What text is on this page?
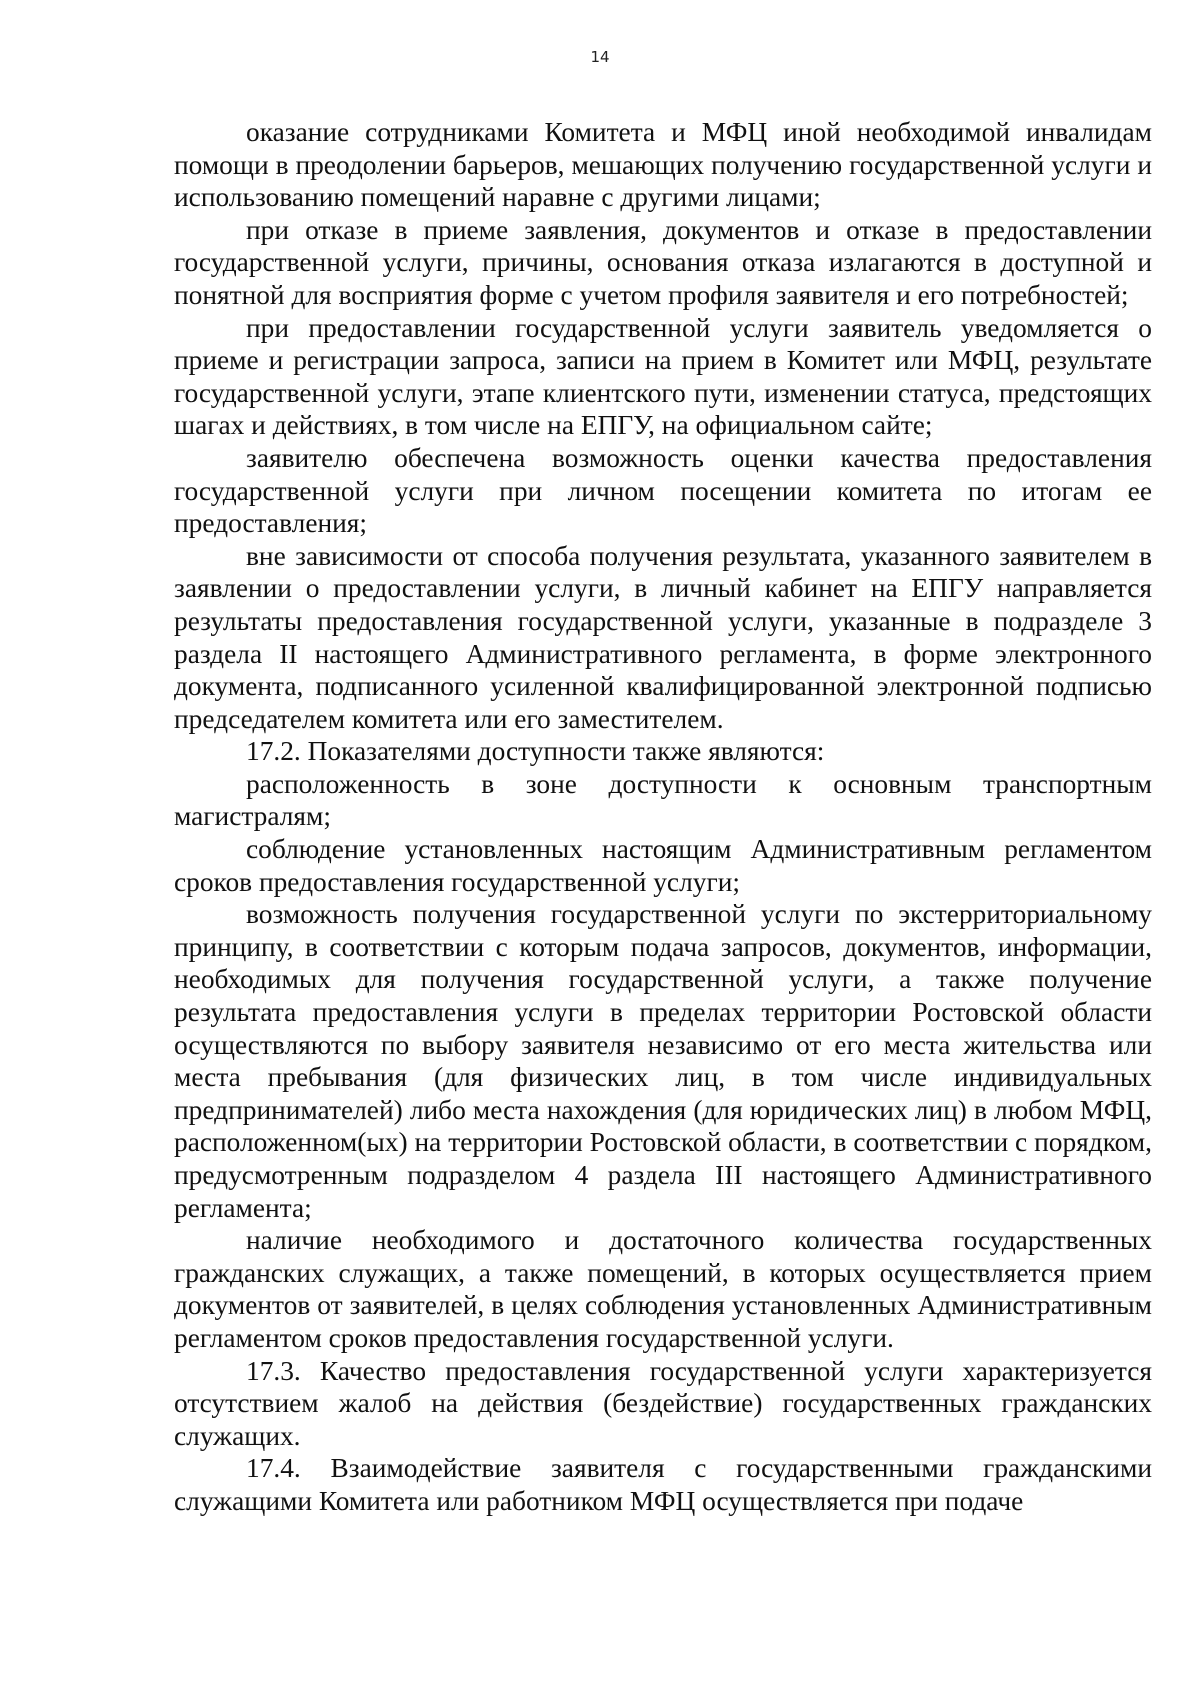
14

оказание сотрудниками Комитета и МФЦ иной необходимой инвалидам помощи в преодолении барьеров, мешающих получению государственной услуги и использованию помещений наравне с другими лицами;

при отказе в приеме заявления, документов и отказе в предоставлении государственной услуги, причины, основания отказа излагаются в доступной и понятной для восприятия форме с учетом профиля заявителя и его потребностей;

при предоставлении государственной услуги заявитель уведомляется о приеме и регистрации запроса, записи на прием в Комитет или МФЦ, результате государственной услуги, этапе клиентского пути, изменении статуса, предстоящих шагах и действиях, в том числе на ЕПГУ, на официальном сайте;

заявителю обеспечена возможность оценки качества предоставления государственной услуги при личном посещении комитета по итогам ее предоставления;

вне зависимости от способа получения результата, указанного заявителем в заявлении о предоставлении услуги, в личный кабинет на ЕПГУ направляется результаты предоставления государственной услуги, указанные в подразделе 3 раздела II настоящего Административного регламента, в форме электронного документа, подписанного усиленной квалифицированной электронной подписью председателем комитета или его заместителем.

17.2. Показателями доступности также являются:

расположенность в зоне доступности к основным транспортным магистралям;

соблюдение установленных настоящим Административным регламентом сроков предоставления государственной услуги;

возможность получения государственной услуги по экстерриториальному принципу, в соответствии с которым подача запросов, документов, информации, необходимых для получения государственной услуги, а также получение результата предоставления услуги в пределах территории Ростовской области осуществляются по выбору заявителя независимо от его места жительства или места пребывания (для физических лиц, в том числе индивидуальных предпринимателей) либо места нахождения (для юридических лиц) в любом МФЦ, расположенном(ых) на территории Ростовской области, в соответствии с порядком, предусмотренным подразделом 4 раздела III настоящего Административного регламента;

наличие необходимого и достаточного количества государственных гражданских служащих, а также помещений, в которых осуществляется прием документов от заявителей, в целях соблюдения установленных Административным регламентом сроков предоставления государственной услуги.

17.3. Качество предоставления государственной услуги характеризуется отсутствием жалоб на действия (бездействие) государственных гражданских служащих.

17.4. Взаимодействие заявителя с государственными гражданскими служащими Комитета или работником МФЦ осуществляется при подаче
